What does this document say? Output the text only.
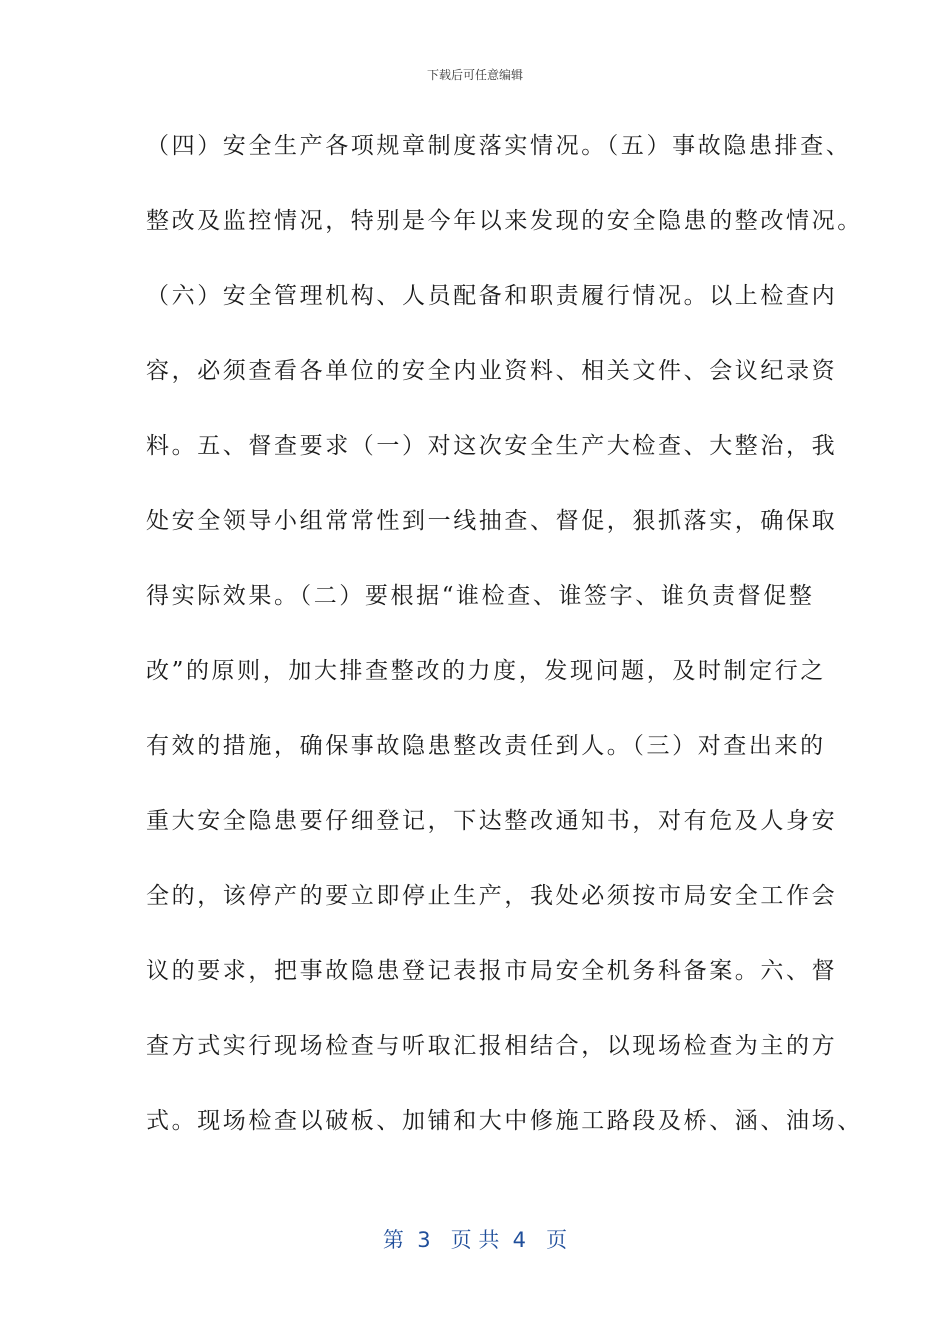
下载后可任意编辑
（四）安全生产各项规章制度落实情况。（五）事故隐患排查、
整改及监控情况，特别是今年以来发现的安全隐患的整改情况。
（六）安全管理机构、人员配备和职责履行情况。以上检查内
容，必须查看各单位的安全内业资料、相关文件、会议纪录资
料。五、督查要求（一）对这次安全生产大检查、大整治，我
处安全领导小组常常性到一线抽查、督促，狠抓落实，确保取
得实际效果。（二）要根据“谁检查、谁签字、谁负责督促整
改”的原则，加大排查整改的力度，发现问题，及时制定行之
有效的措施，确保事故隐患整改责任到人。（三）对查出来的
重大安全隐患要仔细登记，下达整改通知书，对有危及人身安
全的，该停产的要立即停止生产，我处必须按市局安全工作会
议的要求，把事故隐患登记表报市局安全机务科备案。六、督
查方式实行现场检查与听取汇报相结合，以现场检查为主的方
式。现场检查以破板、加铺和大中修施工路段及桥、涵、油场、
第  3   页 共  4   页
